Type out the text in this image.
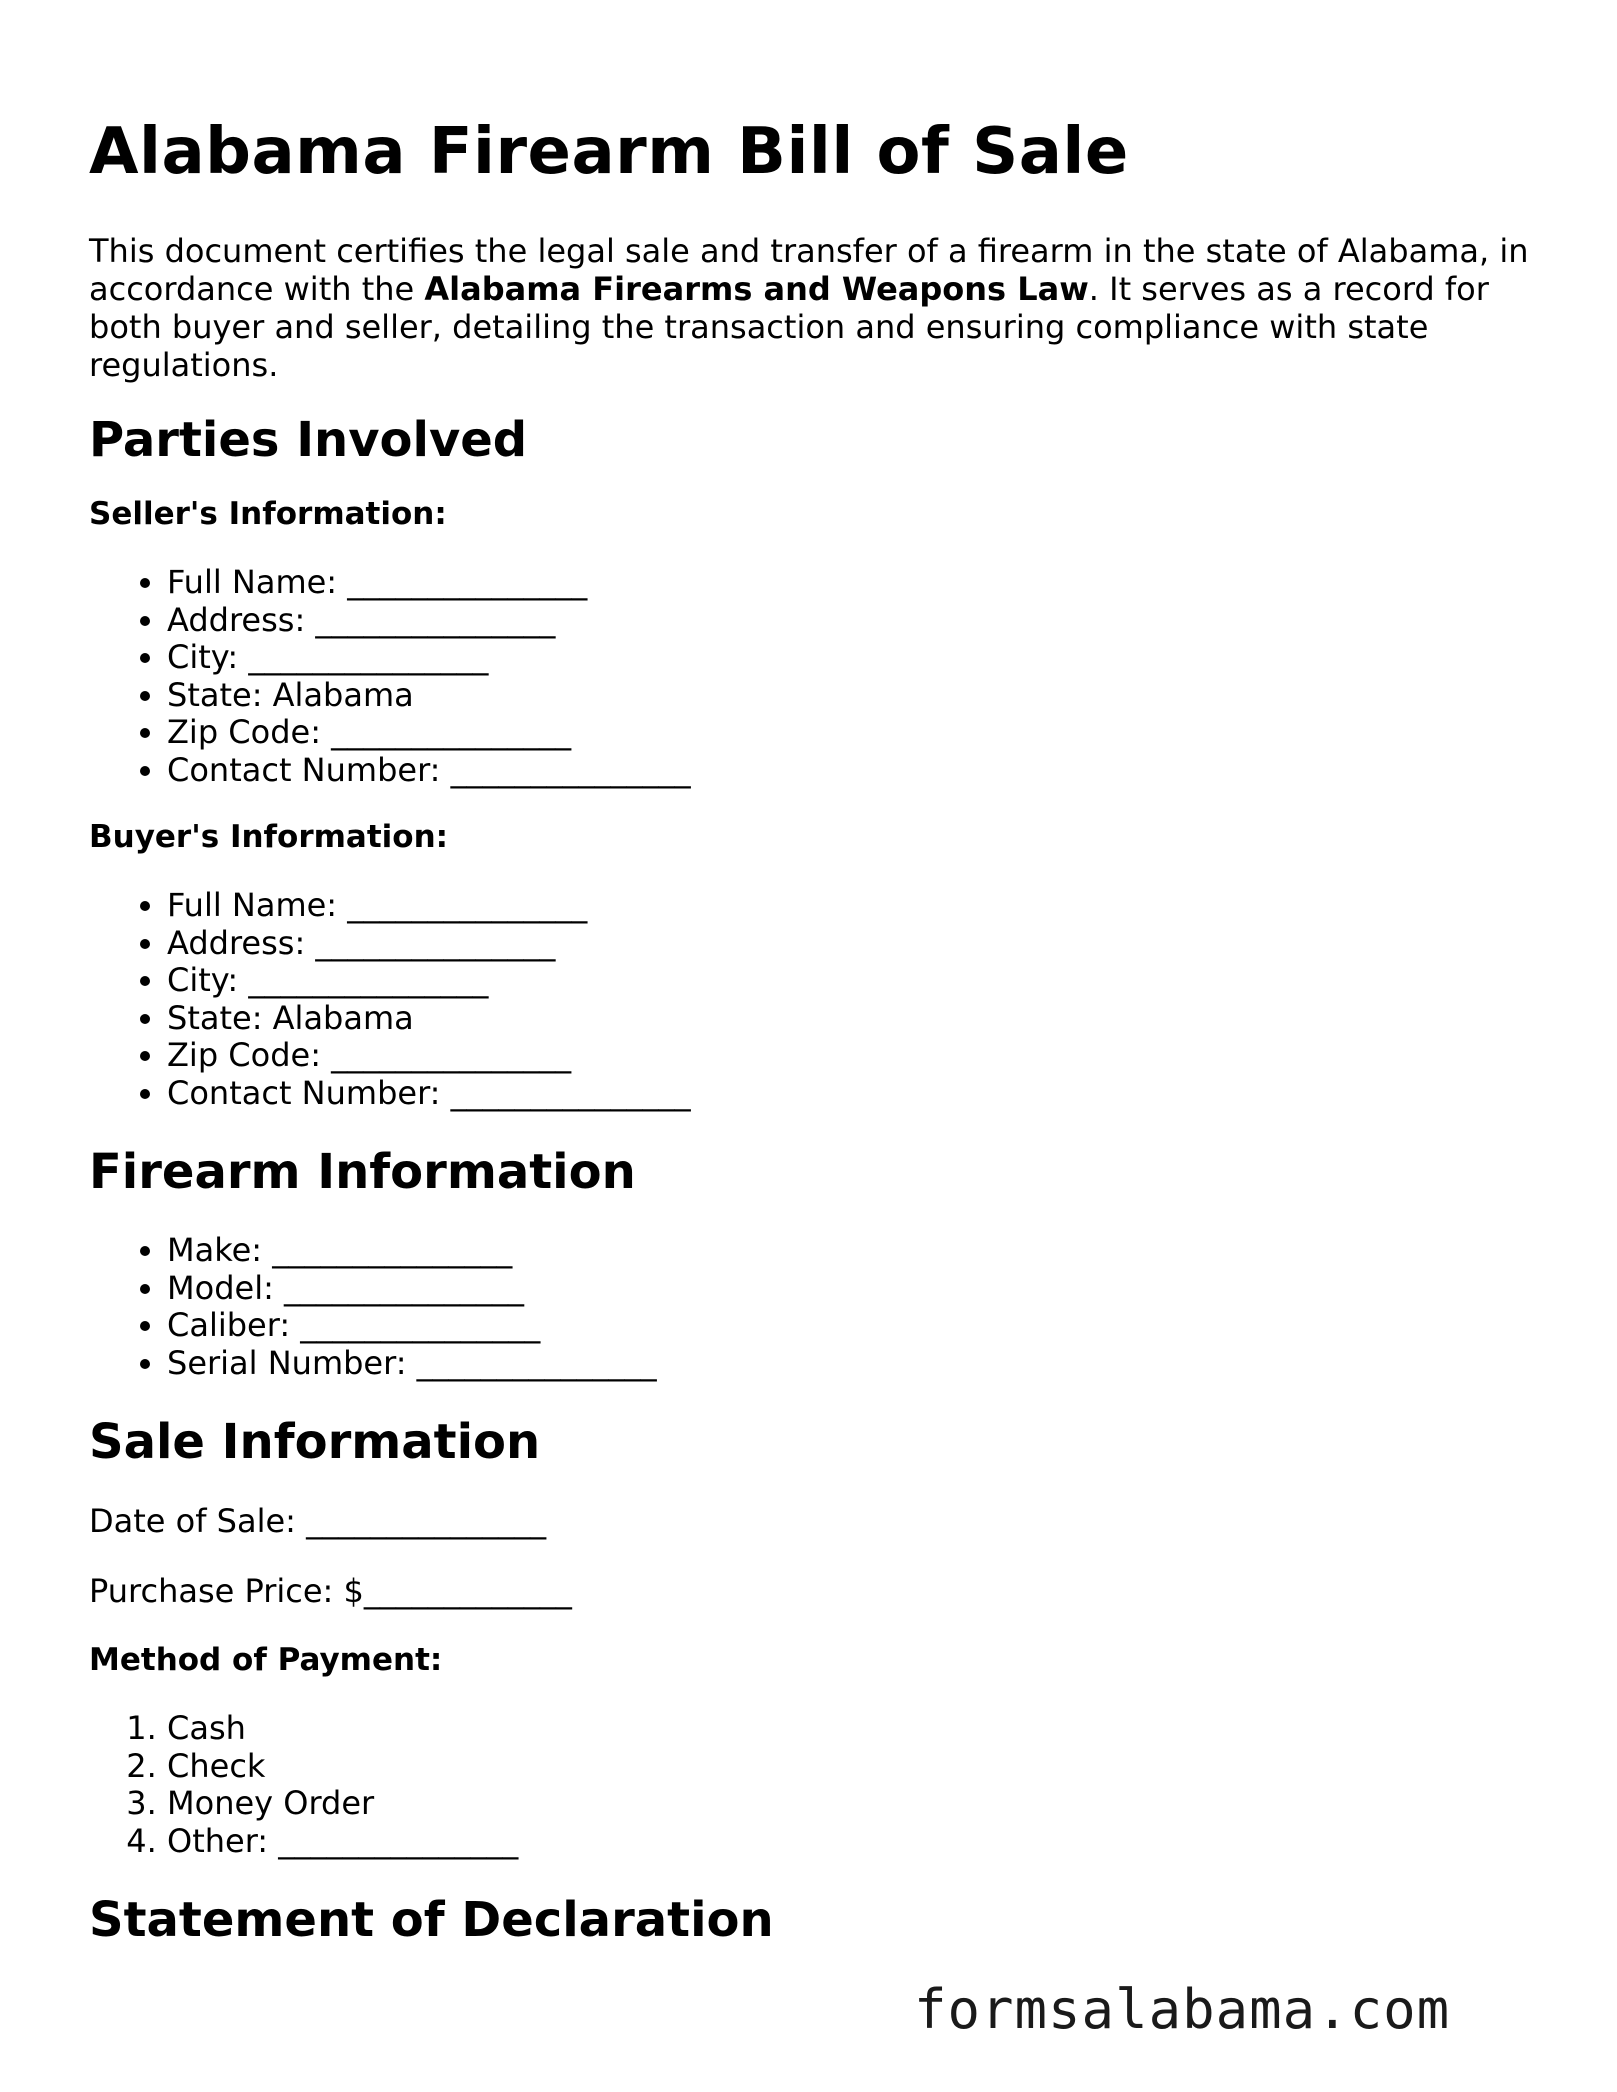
Alabama Firearm Bill of Sale

This document certifies the legal sale and transfer of a firearm in the state of Alabama, in accordance with the Alabama Firearms and Weapons Law. It serves as a record for both buyer and seller, detailing the transaction and ensuring compliance with state regulations.

Parties Involved
Seller's Information:
• Full Name: _______________
• Address: _______________
• City: _______________
• State: Alabama
• Zip Code: _______________
• Contact Number: _______________
Buyer's Information:
• Full Name: _______________
• Address: _______________
• City: _______________
• State: Alabama
• Zip Code: _______________
• Contact Number: _______________
Firearm Information
• Make: _______________
• Model: _______________
• Caliber: _______________
• Serial Number: _______________
Sale Information

Date of Sale: _______________

Purchase Price: $_____________

Method of Payment:
1. Cash
2. Check
3. Money Order
4. Other: _______________
Statement of Declaration
formsalabama.com
